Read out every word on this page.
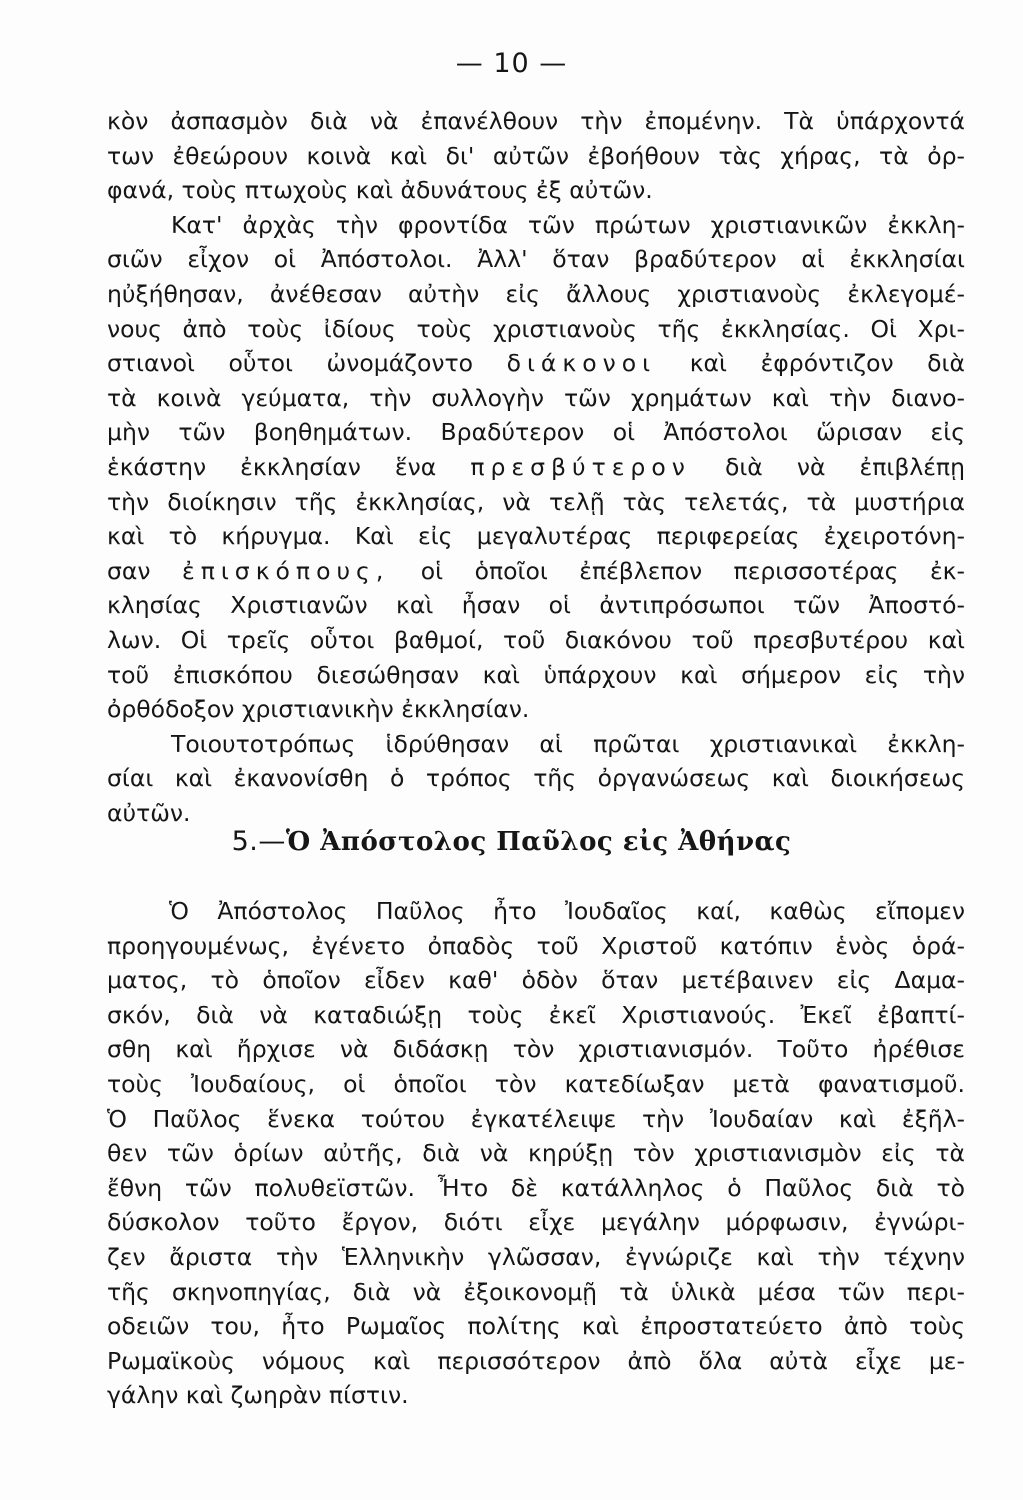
— 10 —
κὸν ἀσπασμὸν διὰ νὰ ἐπανέλθουν τὴν ἐπομένην. Τὰ ὑπάρχοντά
των ἐθεώρουν κοινὰ καὶ δι' αὐτῶν ἐβοήθουν τὰς χήρας, τὰ ὀρ-
φανά, τοὺς πτωχοὺς καὶ ἀδυνάτους ἐξ αὐτῶν.
Κατ' ἀρχὰς τὴν φροντίδα τῶν πρώτων χριστιανικῶν ἐκκλη-
σιῶν εἶχον οἱ Ἀπόστολοι. Ἀλλ' ὅταν βραδύτερον αἱ ἐκκλησίαι
ηὐξήθησαν, ἀνέθεσαν αὐτὴν εἰς ἄλλους χριστιανοὺς ἐκλεγομέ-
νους ἀπὸ τοὺς ἰδίους τοὺς χριστιανοὺς τῆς ἐκκλησίας. Οἱ Χρι-
στιανοὶ οὗτοι ὠνομάζοντο διάκονοι καὶ ἐφρόντιζον διὰ
τὰ κοινὰ γεύματα, τὴν συλλογὴν τῶν χρημάτων καὶ τὴν διανο-
μὴν τῶν βοηθημάτων. Βραδύτερον οἱ Ἀπόστολοι ὥρισαν εἰς
ἑκάστην ἐκκλησίαν ἕνα πρεσβύτερον διὰ νὰ ἐπιβλέπῃ
τὴν διοίκησιν τῆς ἐκκλησίας, νὰ τελῇ τὰς τελετάς, τὰ μυστήρια
καὶ τὸ κήρυγμα. Καὶ εἰς μεγαλυτέρας περιφερείας ἐχειροτόνη-
σαν ἐπισκόπους, οἱ ὁποῖοι ἐπέβλεπον περισσοτέρας ἐκ-
κλησίας Χριστιανῶν καὶ ἦσαν οἱ ἀντιπρόσωποι τῶν Ἀποστό-
λων. Οἱ τρεῖς οὗτοι βαθμοί, τοῦ διακόνου τοῦ πρεσβυτέρου καὶ
τοῦ ἐπισκόπου διεσώθησαν καὶ ὑπάρχουν καὶ σήμερον εἰς τὴν
ὀρθόδοξον χριστιανικὴν ἐκκλησίαν.
Τοιουτοτρόπως ἱδρύθησαν αἱ πρῶται χριστιανικαὶ ἐκκλη-
σίαι καὶ ἐκανονίσθη ὁ τρόπος τῆς ὀργανώσεως καὶ διοικήσεως
αὐτῶν.
5.—Ὁ Ἀπόστολος Παῦλος εἰς Ἀθήνας
Ὁ Ἀπόστολος Παῦλος ἦτο Ἰουδαῖος καί, καθὼς εἴπομεν
προηγουμένως, ἐγένετο ὀπαδὸς τοῦ Χριστοῦ κατόπιν ἑνὸς ὁρά-
ματος, τὸ ὁποῖον εἶδεν καθ' ὁδὸν ὅταν μετέβαινεν εἰς Δαμα-
σκόν, διὰ νὰ καταδιώξῃ τοὺς ἐκεῖ Χριστιανούς. Ἐκεῖ ἐβαπτί-
σθη καὶ ἤρχισε νὰ διδάσκῃ τὸν χριστιανισμόν. Τοῦτο ἠρέθισε
τοὺς Ἰουδαίους, οἱ ὁποῖοι τὸν κατεδίωξαν μετὰ φανατισμοῦ.
Ὁ Παῦλος ἕνεκα τούτου ἐγκατέλειψε τὴν Ἰουδαίαν καὶ ἐξῆλ-
θεν τῶν ὁρίων αὐτῆς, διὰ νὰ κηρύξῃ τὸν χριστιανισμὸν εἰς τὰ
ἔθνη τῶν πολυθεϊστῶν. Ἦτο δὲ κατάλληλος ὁ Παῦλος διὰ τὸ
δύσκολον τοῦτο ἔργον, διότι εἶχε μεγάλην μόρφωσιν, ἐγνώρι-
ζεν ἄριστα τὴν Ἑλληνικὴν γλῶσσαν, ἐγνώριζε καὶ τὴν τέχνην
τῆς σκηνοπηγίας, διὰ νὰ ἐξοικονομῇ τὰ ὑλικὰ μέσα τῶν περι-
οδειῶν του, ἦτο Ρωμαῖος πολίτης καὶ ἐπροστατεύετο ἀπὸ τοὺς
Ρωμαϊκοὺς νόμους καὶ περισσότερον ἀπὸ ὅλα αὐτὰ εἶχε με-
γάλην καὶ ζωηρὰν πίστιν.
